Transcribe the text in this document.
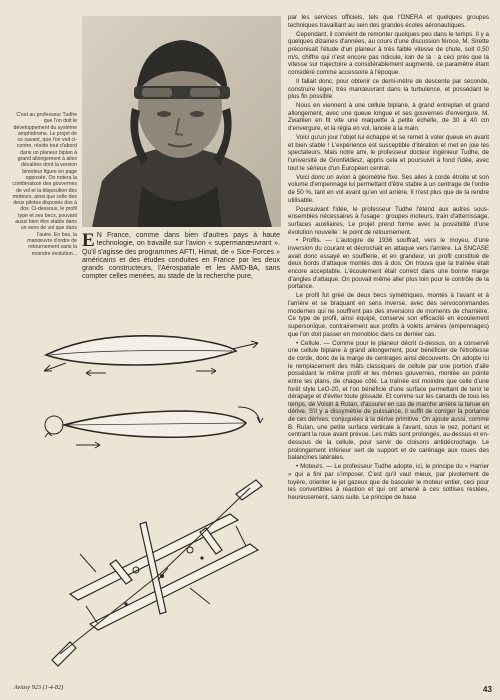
C'est au professeur Tudhe que l'on doit le développement du système amphidrome. Le projet de ce savant, que l'on voit ci-contre, réside tout d'abord dans un planeur biplan à grand allongement à ailes décalées dont la version bimoteur figure en page opposée. On notera la combinaison des gouvernes de vol et la disposition des moteurs, ainsi que celle des deux pilotes disposés dos à dos. Ci-dessous, le profil type et ses becs, pouvant aussi bien être stable dans un sens de vol que dans l'autre. En bas, la manœuvre d'ordre de retournement sans la moindre évolution...
E N France, comme dans bien d'autres pays à haute technologie, on travaille sur l'avion « supermanœuvrant ». Qu'il s'agisse des programmes AFTI, Himat, de « Sice-Forces » américains et des études conduites en France par les deux grands constructeurs, l'Aérospatiale et les AMD-BA, sans compter celles menées, au stade de la recherche pure,

par les services officiels, tels que l'ONERA et quelques groupes techniques travaillant au sein des grandes écoles aéronautiques.

Cependant, il convient de remonter quelques peu dans le temps. Il y a quelques dizaines d'années, au cours d'une discussion féroce, M. Sirette préconisait l'étude d'un planeur à très faible vitesse de chute, soit 0,50 m/s, chiffre qui n'est encore pas ridicule, loin de là : à ceci près que la vitesse sur trajectoire a considérablement augmenté, ce paramètre étant considéré comme accessoire à l'époque.

Il fallait donc, pour obtenir ce demi-mètre de descente par seconde, construire léger, très manœuvrant dans la turbulence, et possédant le plus fin possible.

Nous en viennent à une cellule biplane, à grand entreplan et grand allongement, avec une queue longue et ses gouvernes d'envergure. M. Zwahlen en fit vite une maquette à petite échelle, de 30 à 40 cm d'envergure, et la régla en vol, lancée à la main.

Voici qu'un jour l'objet lui échappe et se remet à voler queue en avant et bien stable ! L'expérience est susceptible d'itération et met en joie les spectateurs. Mais notre ami, le professeur docteur ingénieur Tudhe, de l'université de Gronfeldesz, appris cela et poursuivit à fond l'idée, avec tout le sérieux d'un Européen central.

Voici donc un avion à géométrie fixe. Ses ailes à corde étroite et son volume d'empennage lui permettant d'être stable à un centrage de l'ordre de 50 %, tant en vol avant qu'en vol arrière. Il n'est plus que de la rendre utilisable.

Poursuivant l'idée, le professeur Tudhe l'étend aux autres sous-ensembles nécessaires à l'usage : groupes moteurs, train d'atterrissage, surfaces auxiliaires. Le projet prend forme avec la possibilité d'une évolution nouvelle : le point de retournement.

• Profils. — L'autogire de 1936 souffrait, vers le moyeu, d'une inversion du courant et décrochait en attaque vers l'arrière. La SNCASE avait donc essayé en soufflerie, et en grandeur, un profil constitué de deux bords d'attaque montés dos à dos. On trouva que la traînée était encore acceptable. L'écoulement était correct dans une bonne marge d'angles d'attaque. On pouvait même aller plus loin pour le contrôle de la portance.

Le profil fut gréé de deux becs symétriques, montés à l'avant et à l'arrière et se braquant en sens inverse, avec des servocommandes modernes qui ne souffrent pas des inversions de moments de charnière. Ce type de profil, ainsi équipé, conserve son efficacité en écoulement supersonique, contrairement aux profils à volets arrières (empennages) que l'on doit passer en monobloc dans ce dernier cas.

• Cellule. — Comme pour le planeur décrit ci-dessus, on a conservé une cellule biplane à grand allongement, pour bénéficier de l'étroitesse de corde, donc de la marge de centrages ainsi découverts. On adopte ici le remplacement des mâts classiques de cellule par une portion d'aile possédant le même profil et les mêmes gouvernes, montée en pointe entre les plans, de chaque côté. La traînée est moindre que celle d'une forêt style LeO-20, et l'on bénéficie d'une surface permettant de tenir le dérapage et d'éviter toute glissade. Et comme sur les canards de tous les temps, de Voisin à Rutan, d'assurer en cas de marche arrière la tenue en dérive. S'il y a dissymétrie de puissance, il suffit de corriger la portance de ces dérives, conjuguées à la dérive primitive. On ajoute aussi, comme B. Rutan, une petite surface verticale à l'avant, sous le nez, portant et centrant la roue avant prévue. Les mâts sont prolongés, au-dessus et en-dessous de la cellule, pour servir de cloisons antidécrochage. Le prolongement inférieur sert de support et de carénage aux roues des balancines latérales.

• Moteurs. — Le professeur Tudhe adopte, ici, le principe du « Harrier » qui a fini par s'imposer. C'est qu'il vaut mieux, par pivotement de tuyère, orienter le jet gazeux que de basculer le moteur entier, ceci pour les convertibles à réaction et qui ont amené à ces sottises restées, heureusement, sans suite. Le principe de base

Aviasy 923 (1-4-82)	43
